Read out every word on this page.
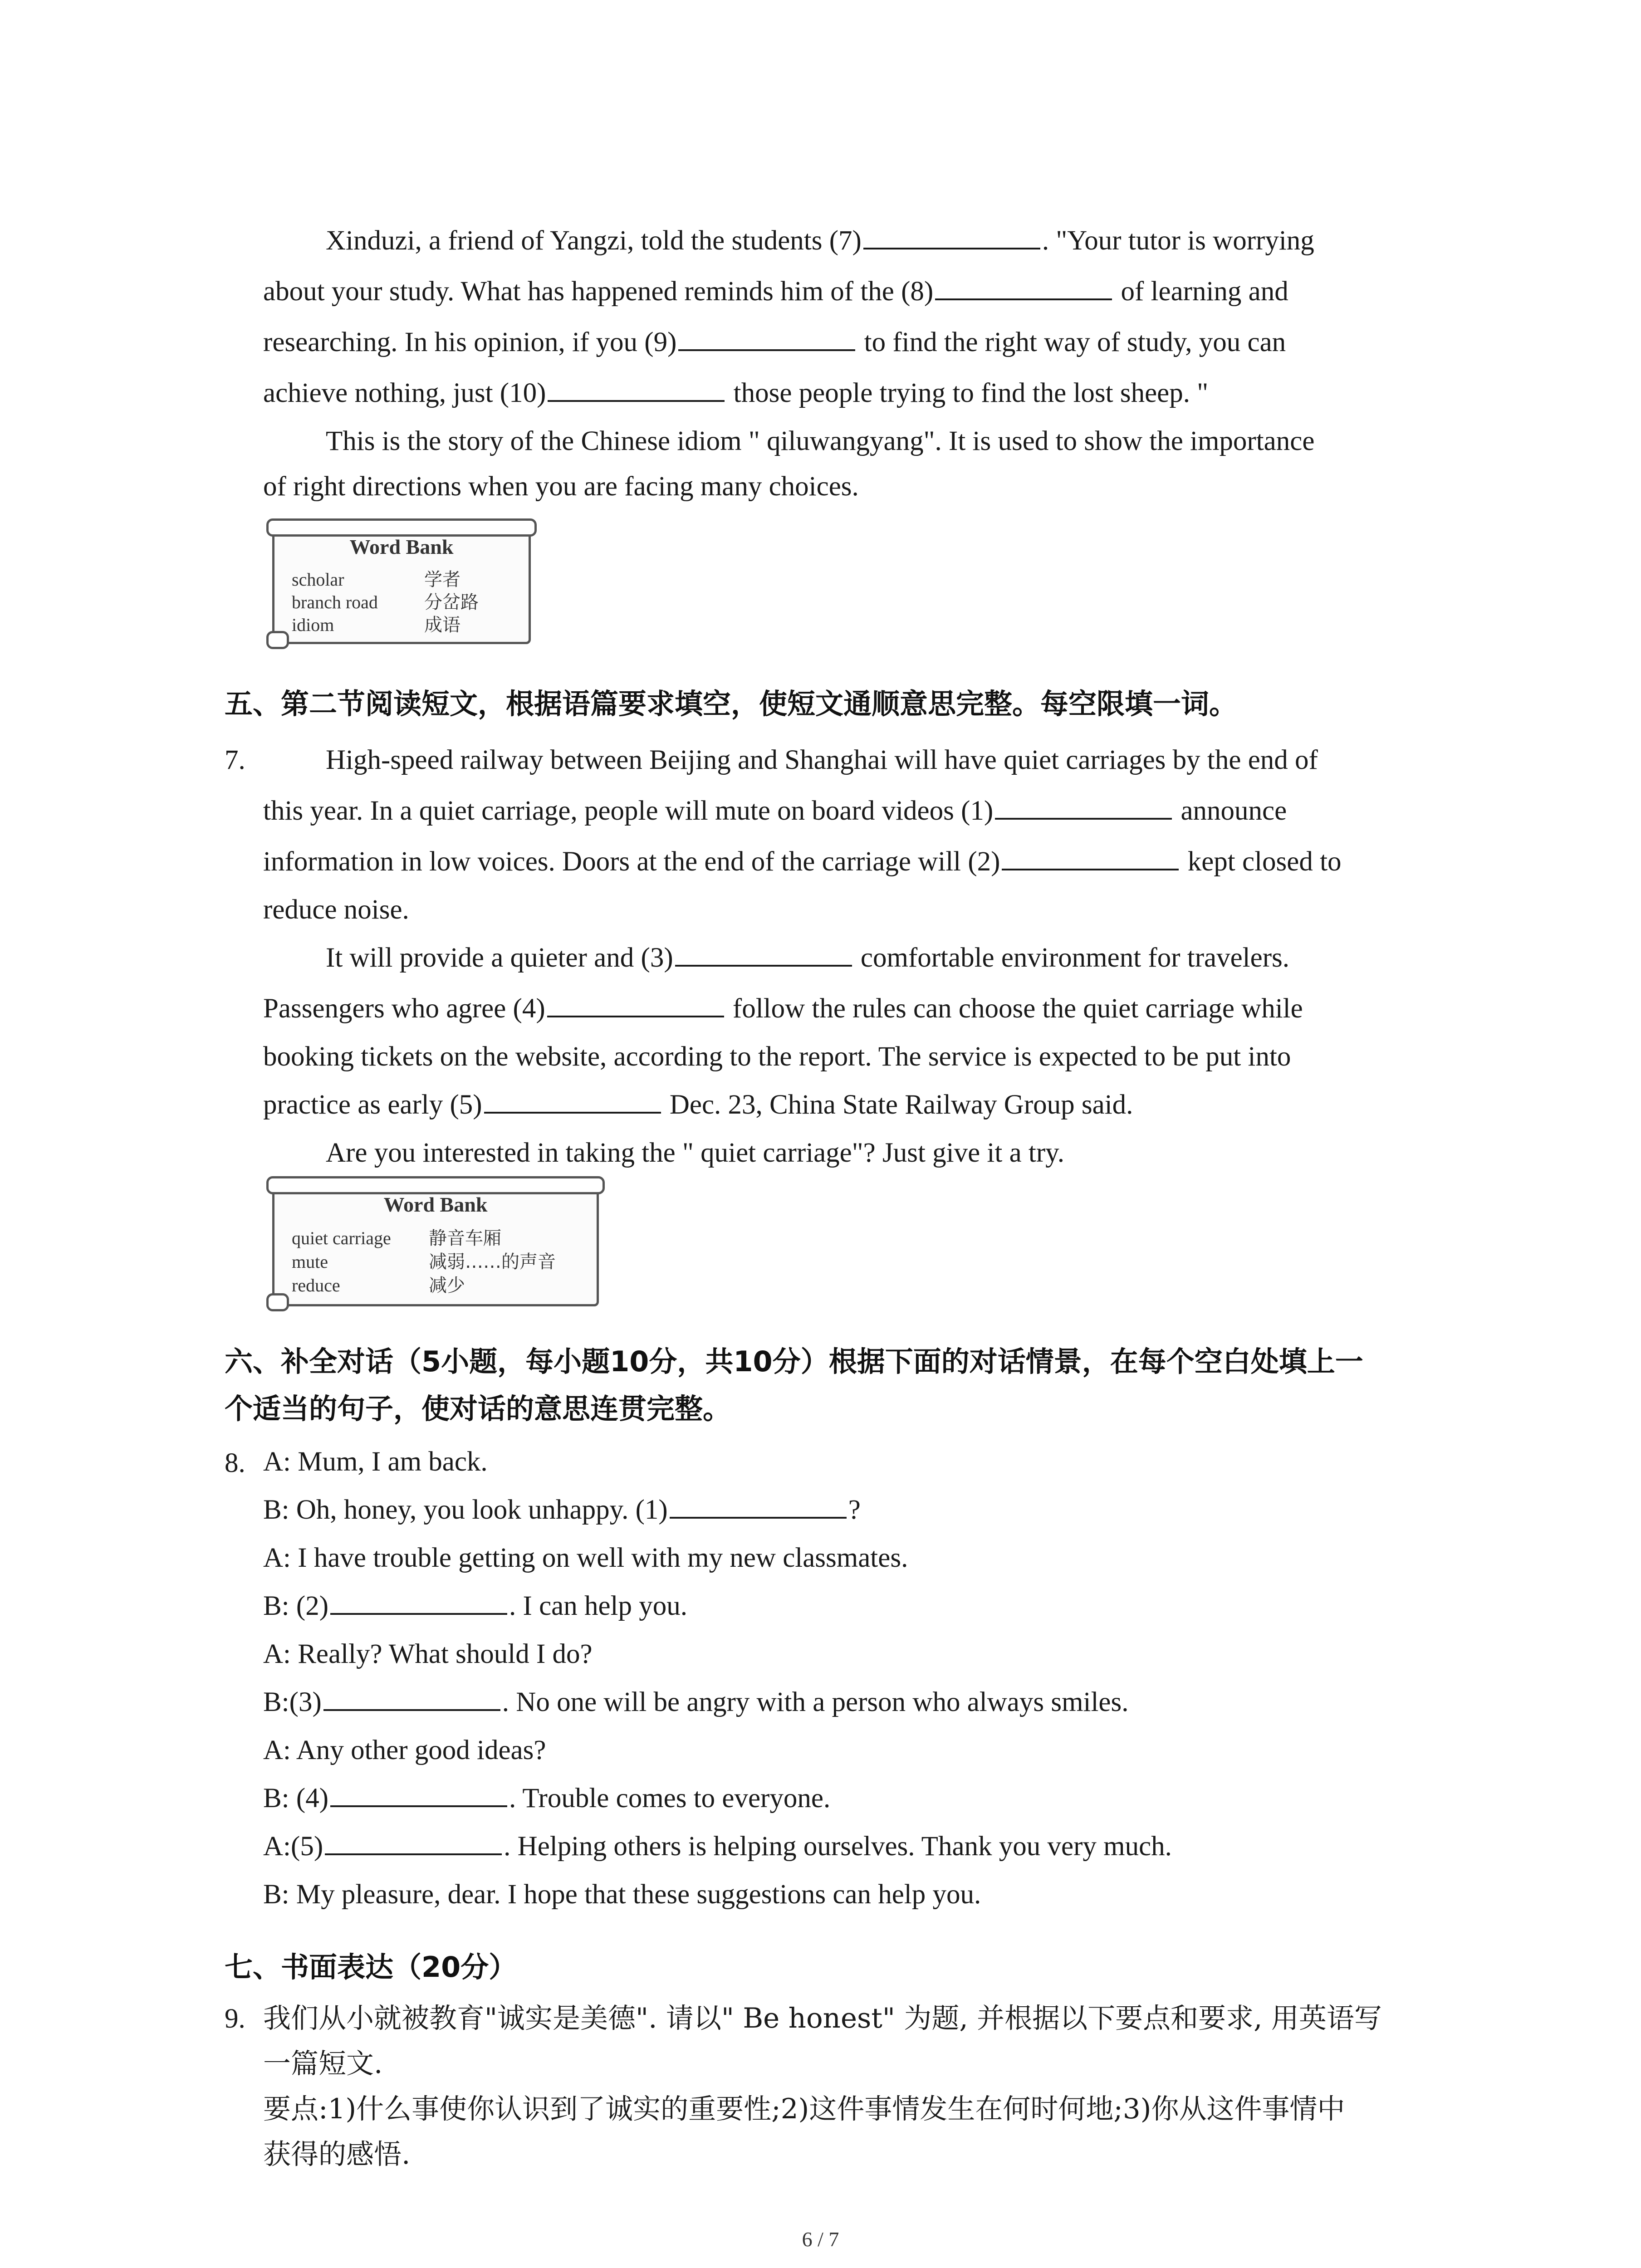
Xinduzi, a friend of Yangzi, told the students (7)	. "Your tutor is worrying

about your study. What has happened reminds him of the (8)	of learning and

researching. In his opinion, if you (9)	to find the right way of study, you can

achieve nothing, just (10)	those people trying to find the lost sheep. "

This is the story of the Chinese idiom " qiluwangyang". It is used to show the importance

of right directions when you are facing many choices.

Word Bank
scholar	学者
branch road	分岔路
idiom	成语
五、第二节阅读短文，根据语篇要求填空，使短文通顺意思完整。每空限填一词。
7.	High-speed railway between Beijing and Shanghai will have quiet carriages by the end of

this year. In a quiet carriage, people will mute on board videos (1)	announce

information in low voices. Doors at the end of the carriage will (2)	kept closed to

reduce noise.

It will provide a quieter and (3)	comfortable environment for travelers.

Passengers who agree (4)	follow the rules can choose the quiet carriage while

booking tickets on the website, according to the report. The service is expected to be put into

practice as early (5)	Dec. 23, China State Railway Group said.

Are you interested in taking the " quiet carriage"? Just give it a try.

Word Bank
quiet carriage 静音车厢
mute	减弱……的声音
reduce	减少
六、补全对话（5小题，每小题10分，共10分）根据下面的对话情景，在每个空白处填上一
个适当的句子，使对话的意思连贯完整。
8. A: Mum, I am back.

B: Oh, honey, you look unhappy. (1)	?

A: I have trouble getting on well with my new classmates.

B: (2)	. I can help you.

A: Really? What should I do?

B:(3)	. No one will be angry with a person who always smiles.

A: Any other good ideas?

B: (4)	. Trouble comes to everyone.

A:(5)	. Helping others is helping ourselves. Thank you very much.

B: My pleasure, dear. I hope that these suggestions can help you.

七、书面表达（20分）
9. 我们从小就被教育"诚实是美德". 请以" Be honest" 为题, 并根据以下要点和要求, 用英语写

一篇短文.

要点:1)什么事使你认识到了诚实的重要性;2)这件事情发生在何时何地;3)你从这件事情中

获得的感悟.

6 / 7
